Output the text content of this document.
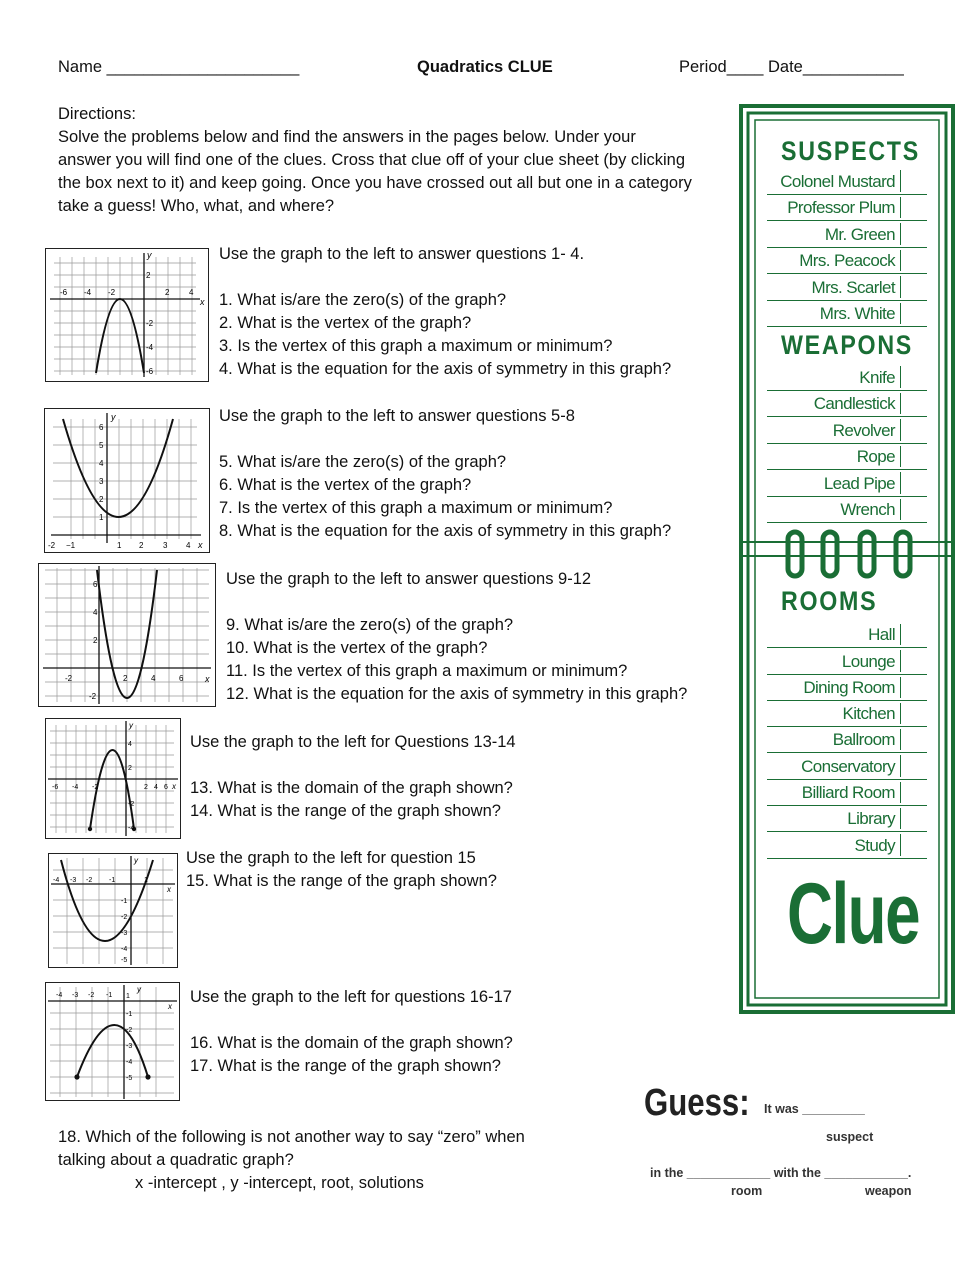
Name _____________________	Quadratics CLUE	Period____ Date___________
Directions:
Solve the problems below and find the answers in the pages below. Under your
answer you will find one of the clues. Cross that clue off of your clue sheet (by clicking
the box next to it) and keep going. Once you have crossed out all but one in a category
take a guess! Who, what, and where?
-6 -4 -2	2 4
2
-2
-4
-6
x
y	Use the graph to the left to answer questions 1- 4.
1. What is/are the zero(s) of the graph?
2. What is the vertex of the graph?
3. Is the vertex of this graph a maximum or minimum?
4. What is the equation for the axis of symmetry in this graph?
-2 −1	1 2 3 4
6
5
4
3
2
1
x
y	Use the graph to the left to answer questions 5-8
5. What is/are the zero(s) of the graph?
6. What is the vertex of the graph?
7. Is the vertex of this graph a maximum or minimum?
8. What is the equation for the axis of symmetry in this graph?
-2	2	4	6
6
4
2
-2
x
Use the graph to the left to answer questions 9-12
9. What is/are the zero(s) of the graph?
10. What is the vertex of the graph?
11. Is the vertex of this graph a maximum or minimum?
12. What is the equation for the axis of symmetry in this graph?
-6 -4 -2	2 4 6
4
2
-2
-4
x
y
Use the graph to the left for Questions 13-14
13. What is the domain of the graph shown?
14. What is the range of the graph shown?
-4 -3 -2 -1	1
-1
-2
-3
-4
-5
x
y	Use the graph to the left for question 15
15. What is the range of the graph shown?
-4 -3 -2 -1 1
-1
-2
-3
-4
-5
x
y	Use the graph to the left for questions 16-17
16. What is the domain of the graph shown?
17. What is the range of the graph shown?
18. Which of the following is not another way to say “zero” when
talking about a quadratic graph?
x -intercept , y -intercept, root, solutions
SUSPECTS
Colonel Mustard
Professor Plum
Mr. Green
Mrs. Peacock
Mrs. Scarlet
Mrs. White
WEAPONS
Knife
Candlestick
Revolver
Rope
Lead Pipe
Wrench
ROOMS
Hall
Lounge
Dining Room
Kitchen
Ballroom
Conservatory
Billiard Room
Library
Study
Clue
Guess: It was _________
suspect
in the ____________ with the ____________.
room	weapon
